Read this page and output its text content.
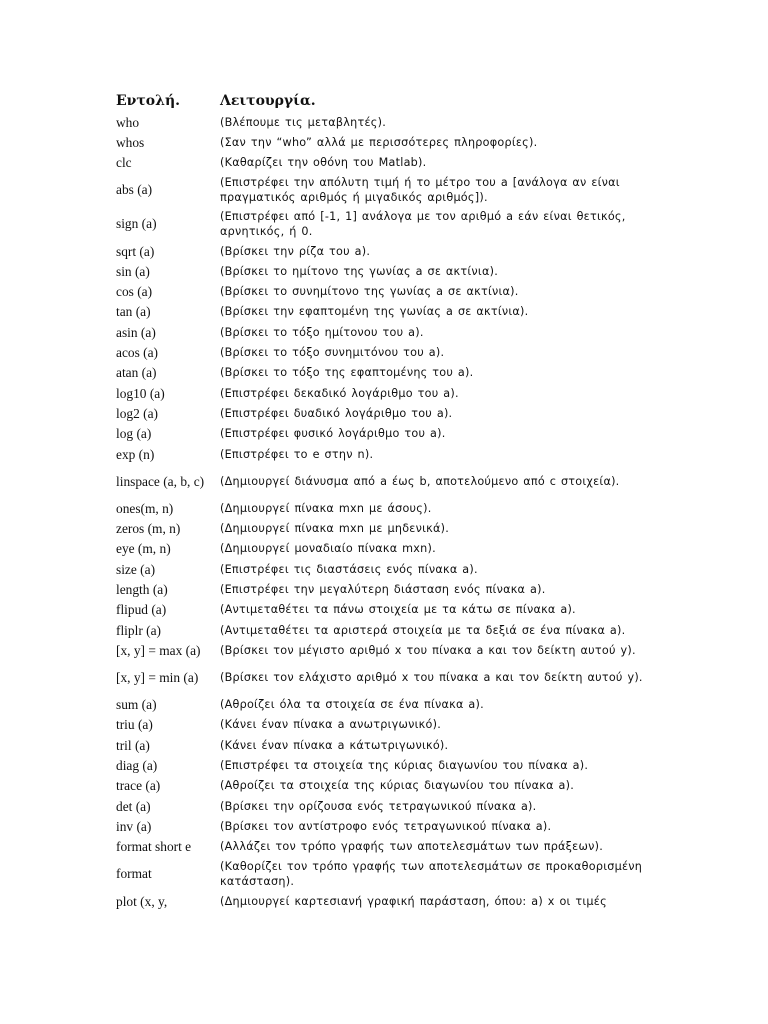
Εντολή.	Λειτουργία.
who	(Βλέπουμε τις μεταβλητές).
whos	(Σαν την “who” αλλά με περισσότερες πληροφορίες).
clc	(Καθαρίζει την οθόνη του Matlab).
abs (a)	(Επιστρέφει την απόλυτη τιμή ή το μέτρο του a [ανάλογα αν είναι πραγματικός αριθμός ή μιγαδικός αριθμός]).
sign (a)	(Επιστρέφει από [-1, 1] ανάλογα με τον αριθμό a εάν είναι θετικός, αρνητικός, ή 0.
sqrt (a)	(Βρίσκει την ρίζα του a).
sin (a)	(Βρίσκει το ημίτονο της γωνίας a σε ακτίνια).
cos (a)	(Βρίσκει το συνημίτονο της γωνίας a σε ακτίνια).
tan (a)	(Βρίσκει την εφαπτομένη της γωνίας a σε ακτίνια).
asin (a)	(Βρίσκει το τόξο ημίτονου του a).
acos (a)	(Βρίσκει το τόξο συνημιτόνου του a).
atan (a)	(Βρίσκει το τόξο της εφαπτομένης του a).
log10 (a)	(Επιστρέφει δεκαδικό λογάριθμο του a).
log2 (a)	(Επιστρέφει δυαδικό λογάριθμο του a).
log (a)	(Επιστρέφει φυσικό λογάριθμο του a).
exp (n)	(Επιστρέφει το e στην n).
linspace (a, b, c)	(Δημιουργεί διάνυσμα από a έως b, αποτελούμενο από c στοιχεία).
ones(m, n)	(Δημιουργεί πίνακα mxn με άσους).
zeros (m, n)	(Δημιουργεί πίνακα mxn με μηδενικά).
eye (m, n)	(Δημιουργεί μοναδιαίο πίνακα mxn).
size (a)	(Επιστρέφει τις διαστάσεις ενός πίνακα a).
length (a)	(Επιστρέφει την μεγαλύτερη διάσταση ενός πίνακα a).
flipud (a)	(Αντιμεταθέτει τα πάνω στοιχεία με τα κάτω σε πίνακα a).
fliplr (a)	(Αντιμεταθέτει τα αριστερά στοιχεία με τα δεξιά σε ένα πίνακα a).
[x, y] = max (a)	(Βρίσκει τον μέγιστο αριθμό x του πίνακα a και τον δείκτη αυτού y).
[x, y] = min (a)	(Βρίσκει τον ελάχιστο αριθμό x του πίνακα a και τον δείκτη αυτού y).
sum (a)	(Αθροίζει όλα τα στοιχεία σε ένα πίνακα a).
triu (a)	(Κάνει έναν πίνακα a ανωτριγωνικό).
tril (a)	(Κάνει έναν πίνακα a κάτωτριγωνικό).
diag (a)	(Επιστρέφει τα στοιχεία της κύριας διαγωνίου του πίνακα a).
trace (a)	(Αθροίζει τα στοιχεία της κύριας διαγωνίου του πίνακα a).
det (a)	(Βρίσκει την ορίζουσα ενός τετραγωνικού πίνακα a).
inv (a)	(Βρίσκει τον αντίστροφο ενός τετραγωνικού πίνακα a).
format short e	(Αλλάζει τον τρόπο γραφής των αποτελεσμάτων των πράξεων).
format	(Καθορίζει τον τρόπο γραφής των αποτελεσμάτων σε προκαθορισμένη κατάσταση).
plot (x, y,	(Δημιουργεί καρτεσιανή γραφική παράσταση, όπου: a) x οι τιμές
